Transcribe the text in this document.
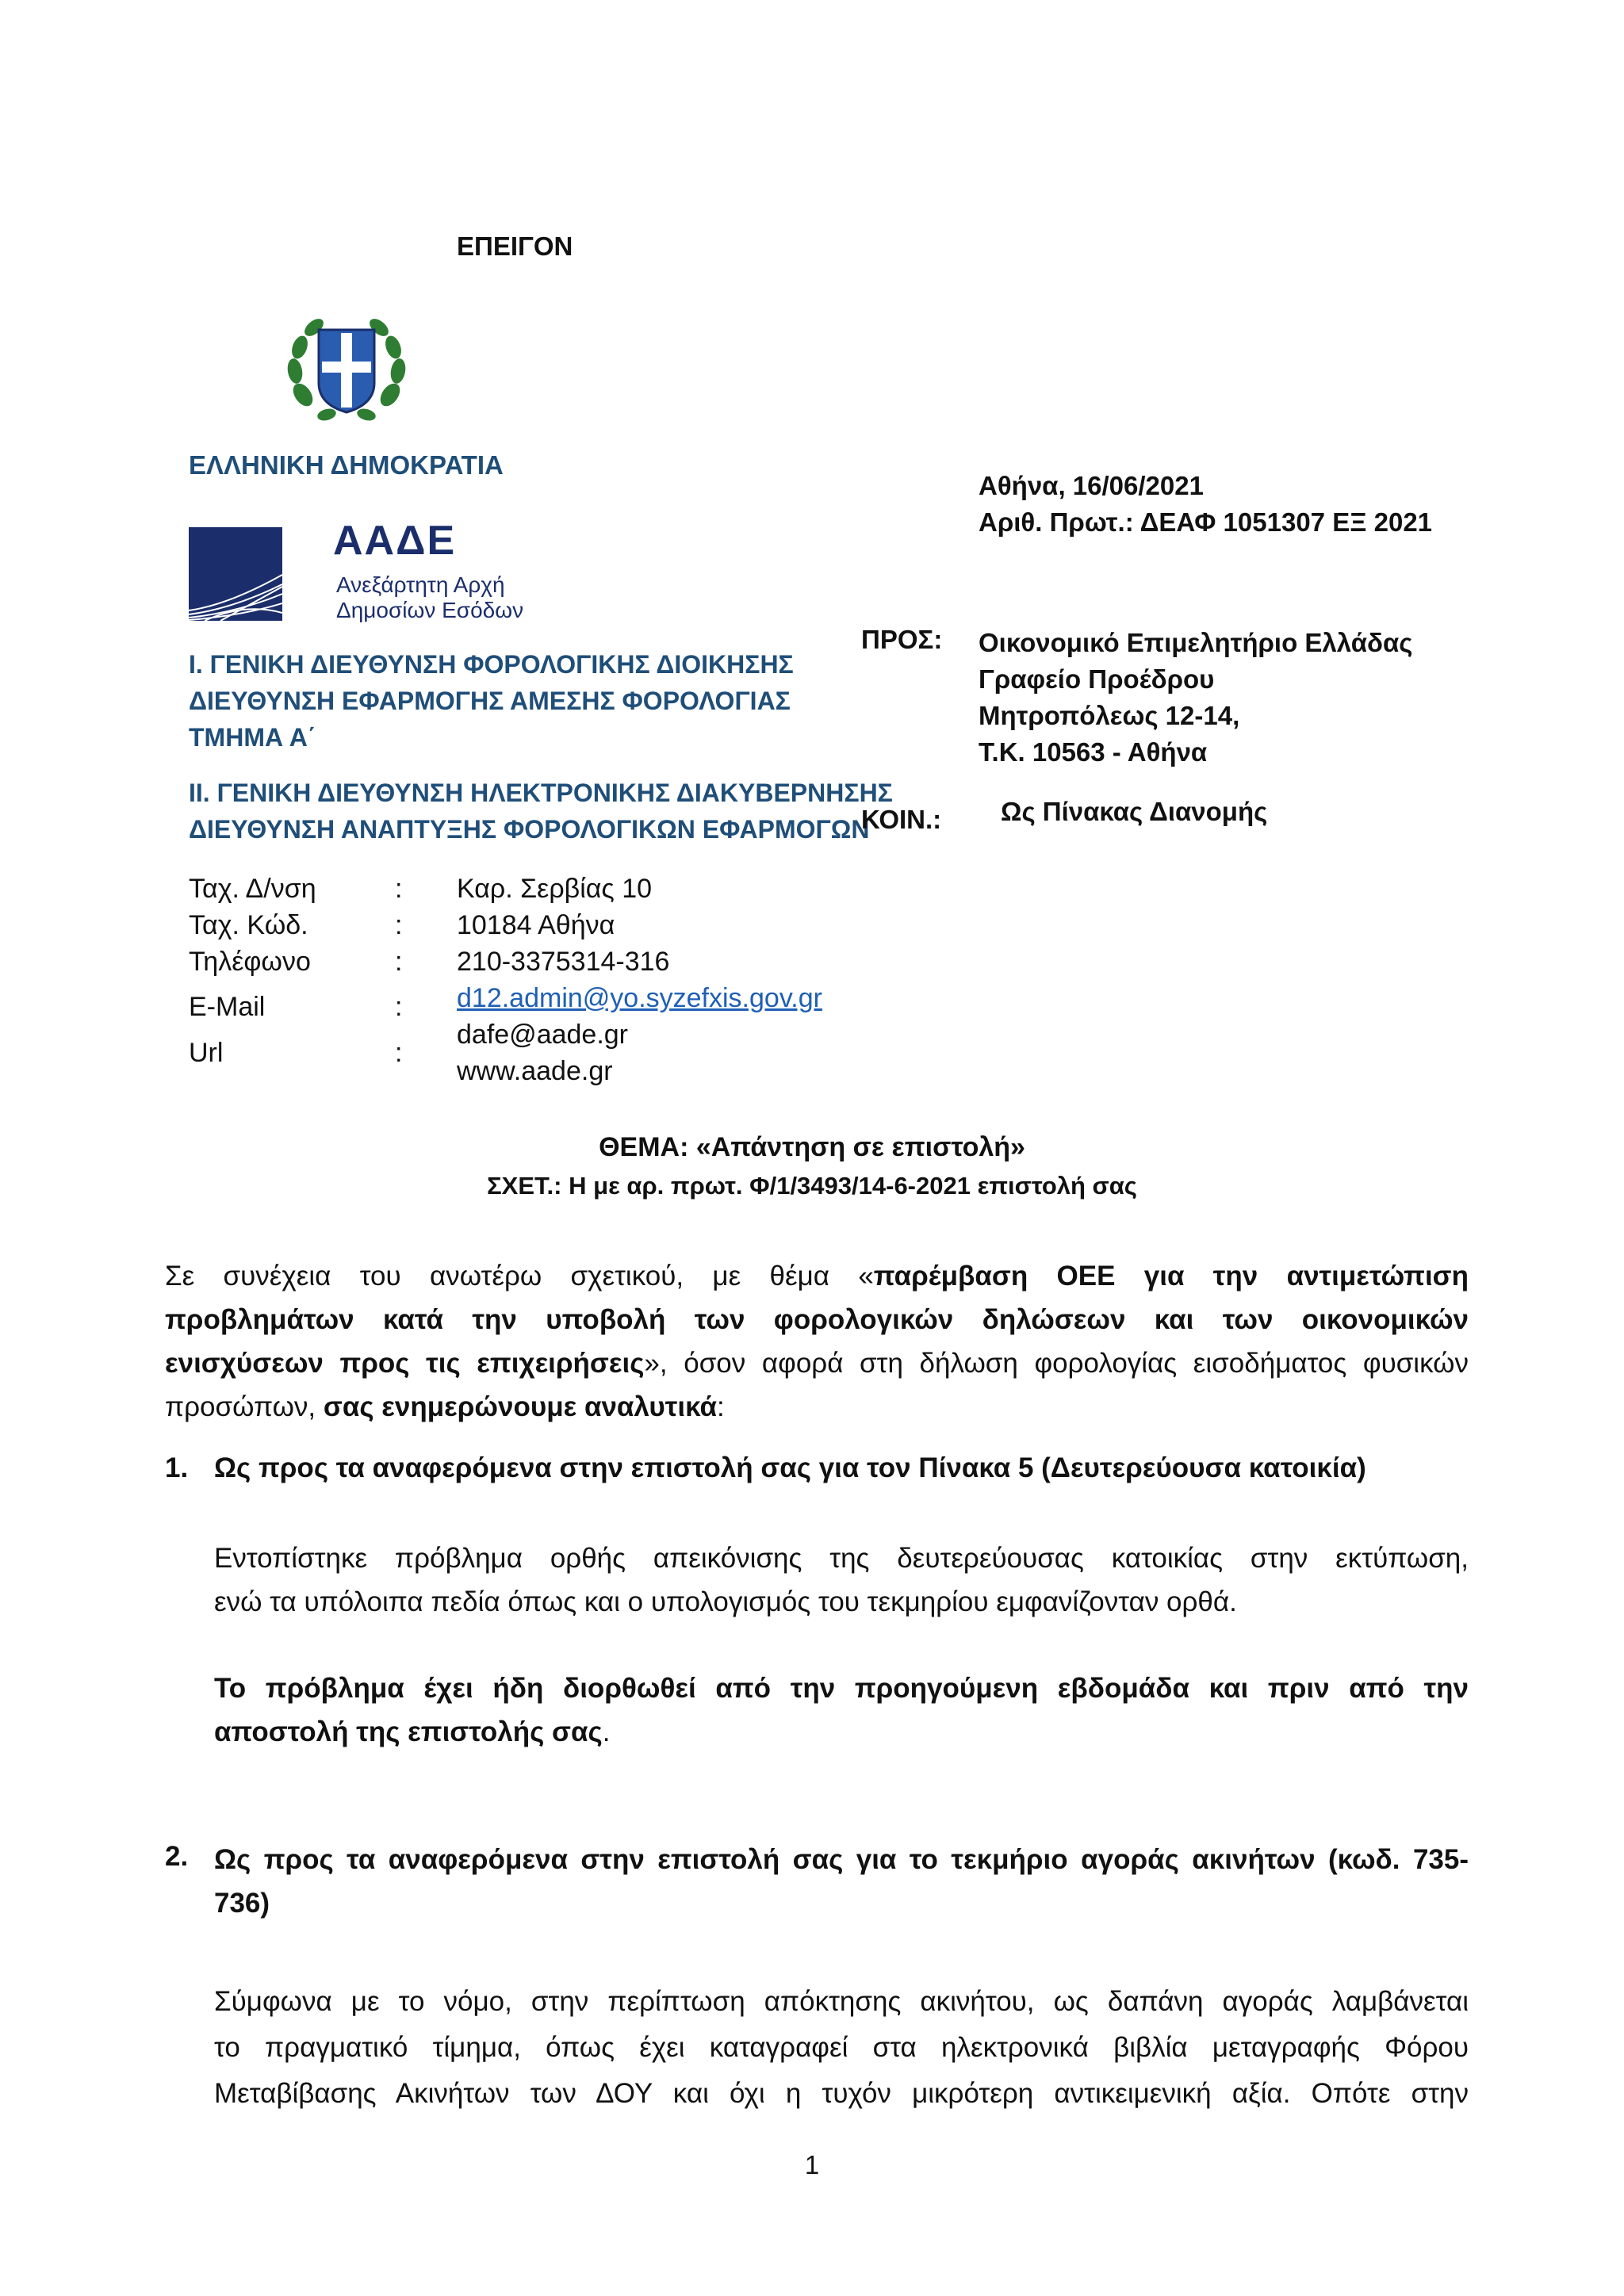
ΕΠΕΙΓΟΝ
ΕΛΛΗΝΙΚΗ ΔΗΜΟΚΡΑΤΙΑ
ΑΑΔΕ
Ανεξάρτητη Αρχή
Δημοσίων Εσόδων
Ι. ΓΕΝΙΚΗ ΔΙΕΥΘΥΝΣΗ ΦΟΡΟΛΟΓΙΚΗΣ ΔΙΟΙΚΗΣΗΣ
ΔΙΕΥΘΥΝΣΗ ΕΦΑΡΜΟΓΗΣ ΑΜΕΣΗΣ ΦΟΡΟΛΟΓΙΑΣ
ΤΜΗΜΑ Α΄
ΙΙ. ΓΕΝΙΚΗ ΔΙΕΥΘΥΝΣΗ ΗΛΕΚΤΡΟΝΙΚΗΣ ΔΙΑΚΥΒΕΡΝΗΣΗΣ
ΔΙΕΥΘΥΝΣΗ ΑΝΑΠΤΥΞΗΣ ΦΟΡΟΛΟΓΙΚΩΝ ΕΦΑΡΜΟΓΩΝ
Αθήνα, 16/06/2021
Αριθ. Πρωτ.: ΔΕΑΦ 1051307 ΕΞ 2021
ΠΡΟΣ: Οικονομικό Επιμελητήριο Ελλάδας
Γραφείο Προέδρου
Μητροπόλεως 12-14,
Τ.Κ. 10563 - Αθήνα
ΚΟΙΝ.: Ως Πίνακας Διανομής
Ταχ. Δ/νση
Ταχ. Κώδ.
Τηλέφωνο
E-Mail
Url
:
:
:
:
:
Καρ. Σερβίας 10
10184 Αθήνα
210-3375314-316
d12.admin@yo.syzefxis.gov.gr
dafe@aade.gr
www.aade.gr
ΘΕΜΑ: «Απάντηση σε επιστολή»
ΣΧΕΤ.: Η με αρ. πρωτ. Φ/1/3493/14-6-2021 επιστολή σας
Σε συνέχεια του ανωτέρω σχετικού, με θέμα «παρέμβαση ΟΕΕ για την αντιμετώπιση
προβλημάτων κατά την υποβολή των φορολογικών δηλώσεων και των οικονομικών
ενισχύσεων προς τις επιχειρήσεις», όσον αφορά στη δήλωση φορολογίας εισοδήματος φυσικών
προσώπων, σας ενημερώνουμε αναλυτικά:
1. Ως προς τα αναφερόμενα στην επιστολή σας για τον Πίνακα 5 (Δευτερεύουσα κατοικία)
Εντοπίστηκε πρόβλημα ορθής απεικόνισης της δευτερεύουσας κατοικίας στην εκτύπωση,
ενώ τα υπόλοιπα πεδία όπως και ο υπολογισμός του τεκμηρίου εμφανίζονταν ορθά.
Το πρόβλημα έχει ήδη διορθωθεί από την προηγούμενη εβδομάδα και πριν από την
αποστολή της επιστολής σας.
2. Ως προς τα αναφερόμενα στην επιστολή σας για το τεκμήριο αγοράς ακινήτων (κωδ. 735-
736)
Σύμφωνα με το νόμο, στην περίπτωση απόκτησης ακινήτου, ως δαπάνη αγοράς λαμβάνεται
το πραγματικό τίμημα, όπως έχει καταγραφεί στα ηλεκτρονικά βιβλία μεταγραφής Φόρου
Μεταβίβασης Ακινήτων των ΔΟΥ και όχι η τυχόν μικρότερη αντικειμενική αξία. Οπότε στην
1
